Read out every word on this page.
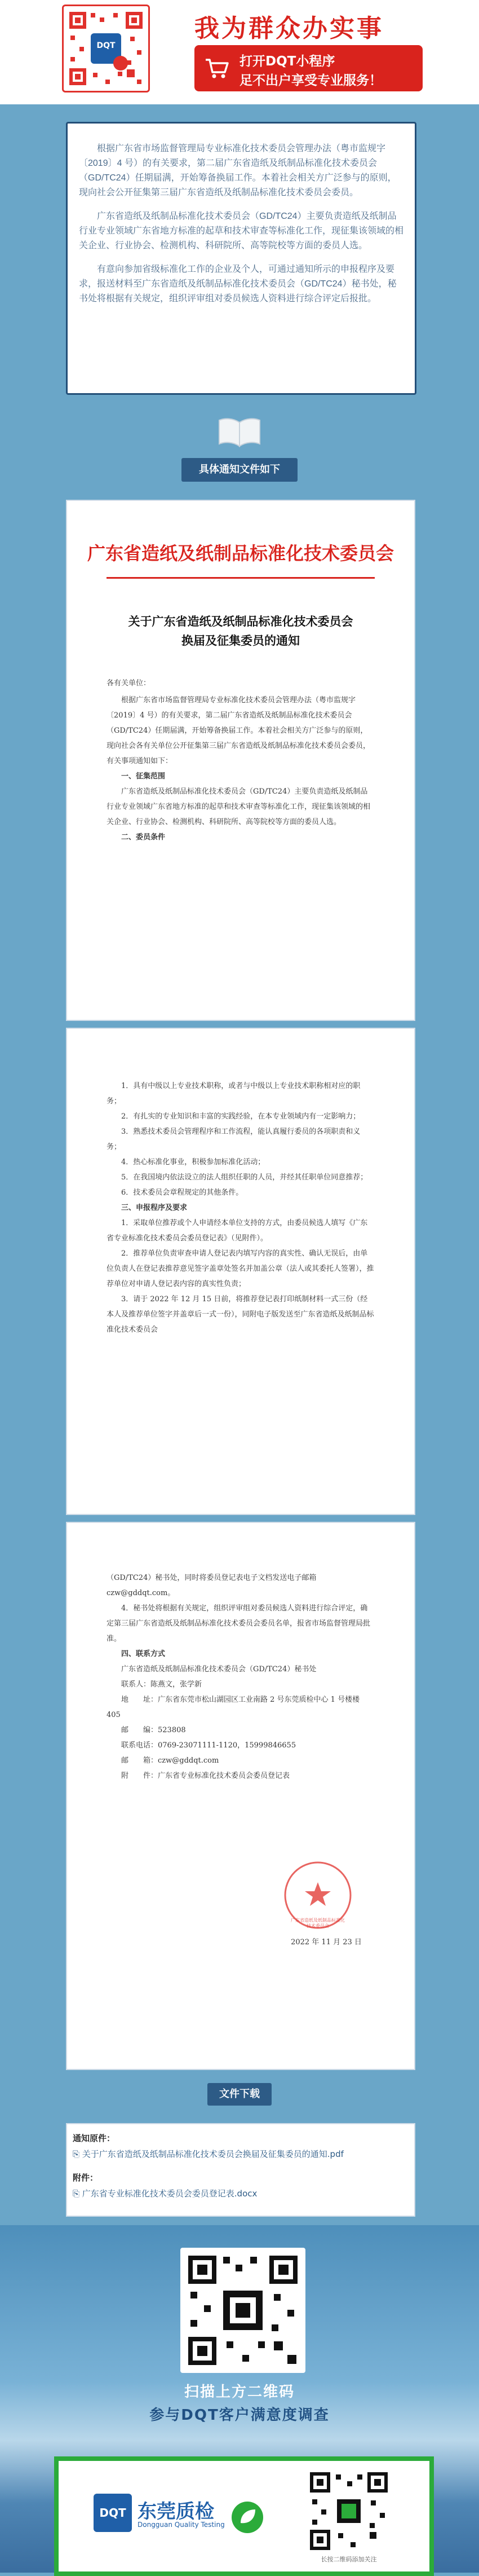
DQT
我为群众办实事
打开DQT小程序
足不出户享受专业服务！

根据广东省市场监督管理局专业标准化技术委员会管理办法（粤市监规字〔2019〕4 号）的有关要求，第二届广东省造纸及纸制品标准化技术委员会（GD/TC24）任期届满，开始筹备换届工作。本着社会相关方广泛参与的原则，现向社会公开征集第三届广东省造纸及纸制品标准化技术委员会委员。

广东省造纸及纸制品标准化技术委员会（GD/TC24）主要负责造纸及纸制品行业专业领域广东省地方标准的起草和技术审查等标准化工作，现征集该领域的相关企业、行业协会、检测机构、科研院所、高等院校等方面的委员人选。

有意向参加省级标准化工作的企业及个人，可通过通知所示的申报程序及要求，报送材料至广东省造纸及纸制品标准化技术委员会（GD/TC24）秘书处，秘书处将根据有关规定，组织评审组对委员候选人资料进行综合评定后报批。

具体通知文件如下
广东省造纸及纸制品标准化技术委员会
关于广东省造纸及纸制品标准化技术委员会
换届及征集委员的通知
各有关单位：

根据广东省市场监督管理局专业标准化技术委员会管理办法（粤市监规字〔2019〕4 号）的有关要求，第二届广东省造纸及纸制品标准化技术委员会（GD/TC24）任期届满，开始筹备换届工作。本着社会相关方广泛参与的原则，现向社会各有关单位公开征集第三届广东省造纸及纸制品标准化技术委员会委员，有关事项通知如下：

一、征集范围

广东省造纸及纸制品标准化技术委员会（GD/TC24）主要负责造纸及纸制品行业专业领域广东省地方标准的起草和技术审查等标准化工作，现征集该领域的相关企业、行业协会、检测机构、科研院所、高等院校等方面的委员人选。

二、委员条件

1．具有中级以上专业技术职称，或者与中级以上专业技术职称相对应的职务；

2．有扎实的专业知识和丰富的实践经验，在本专业领域内有一定影响力；

3．熟悉技术委员会管理程序和工作流程，能认真履行委员的各项职责和义务；

4．热心标准化事业，积极参加标准化活动；

5．在我国境内依法设立的法人组织任职的人员，并经其任职单位同意推荐；

6．技术委员会章程规定的其他条件。

三、申报程序及要求

1．采取单位推荐或个人申请经本单位支持的方式，由委员候选人填写《广东省专业标准化技术委员会委员登记表》（见附件）。

2．推荐单位负责审查申请人登记表内填写内容的真实性、确认无误后，由单位负责人在登记表推荐意见签字盖章处签名并加盖公章（法人或其委托人签署），推荐单位对申请人登记表内容的真实性负责；

3．请于 2022 年 12 月 15 日前，将推荐登记表打印纸制材料一式三份（经本人及推荐单位签字并盖章后一式一份），同附电子版发送至广东省造纸及纸制品标准化技术委员会

（GD/TC24）秘书处，同时将委员登记表电子文档发送电子邮箱 czw@gddqt.com。

4．秘书处将根据有关规定，组织评审组对委员候选人资料进行综合评定，确定第三届广东省造纸及纸制品标准化技术委员会委员名单，报省市场监督管理局批准。

四、联系方式

广东省造纸及纸制品标准化技术委员会（GD/TC24）秘书处

联系人：陈燕文，张学新

地　　址：广东省东莞市松山湖园区工业南路 2 号东莞质检中心 1 号楼楼 405

邮　　编：523808

联系电话：0769-23071111-1120，15999846655

邮　　箱：czw@gddqt.com

附　　件：广东省专业标准化技术委员会委员登记表

广东省造纸及纸制品标准化技术委员会
2022 年 11 月 23 日
文件下载
通知原件：
⎘ 关于广东省造纸及纸制品标准化技术委员会换届及征集委员的通知.pdf
附件：
⎘ 广东省专业标准化技术委员会委员登记表.docx
扫描上方二维码
参与DQT客户满意度调查
DQT 东莞质检
Dongguan Quality Testing
长按二维码添加关注
